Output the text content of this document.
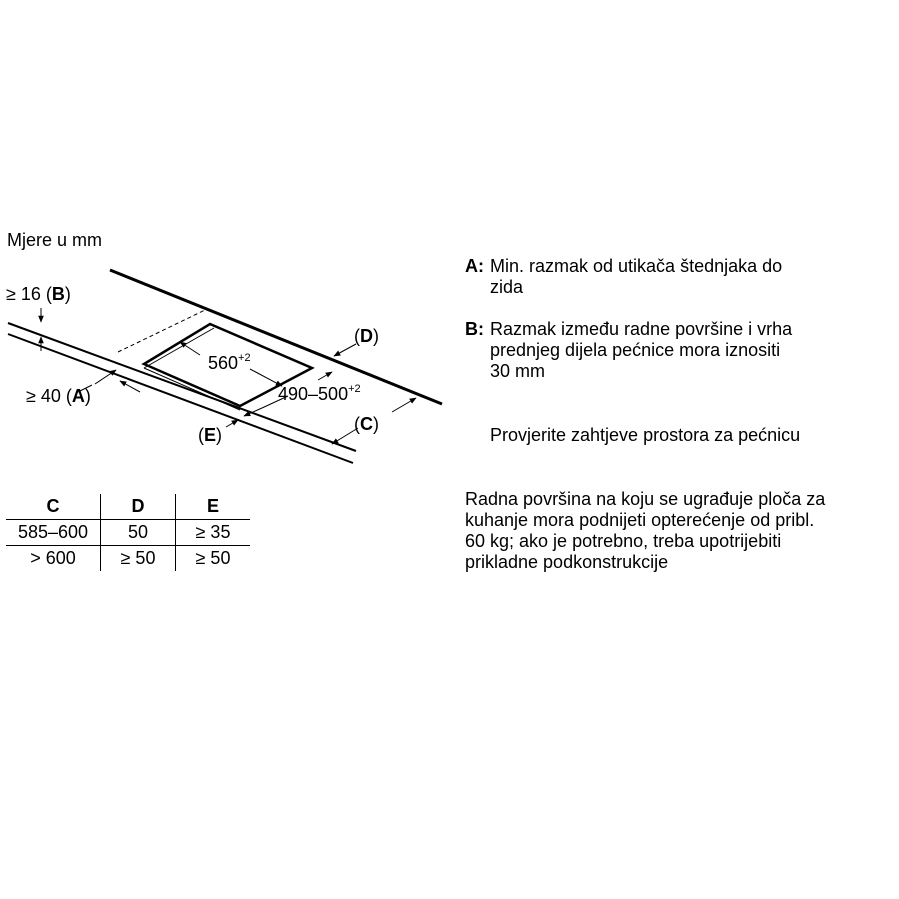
Mjere u mm
≥ 16 (B)
≥ 40 (A)
(D)
(C)
(E)
$560^{+2}$
$490-500^{+2}$
C	D	E
585–600	50	≥ 35
> 600	≥ 50	≥ 50
A: Min. razmak od utikača štednjaka do
zida
B: Razmak između radne površine i vrha
prednjeg dijela pećnice mora iznositi
30 mm
Provjerite zahtjeve prostora za pećnicu
Radna površina na koju se ugrađuje ploča za
kuhanje mora podnijeti opterećenje od pribl.
60 kg; ako je potrebno, treba upotrijebiti
prikladne podkonstrukcije
